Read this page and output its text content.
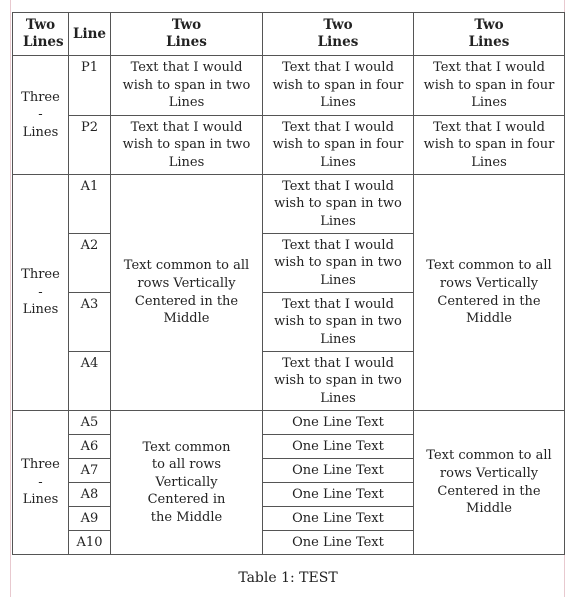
Two Lines	Line	Two Lines	Two Lines	Two Lines
Three - Lines	P1	Text that I would wish to span in two Lines	Text that I would wish to span in four Lines	Text that I would wish to span in four Lines
	P2	Text that I would wish to span in two Lines	Text that I would wish to span in four Lines	Text that I would wish to span in four Lines
Three - Lines	A1	Text common to all rows Vertically Centered in the Middle	Text that I would wish to span in two Lines	Text common to all rows Vertically Centered in the Middle
	A2		Text that I would wish to span in two Lines	
	A3		Text that I would wish to span in two Lines	
	A4		Text that I would wish to span in two Lines	
Three - Lines	A5	Text common to all rows Vertically Centered in the Middle	One Line Text	Text common to all rows Vertically Centered in the Middle
	A6		One Line Text	
	A7		One Line Text	
	A8		One Line Text	
	A9		One Line Text	
	A10		One Line Text	
Table 1: TEST
